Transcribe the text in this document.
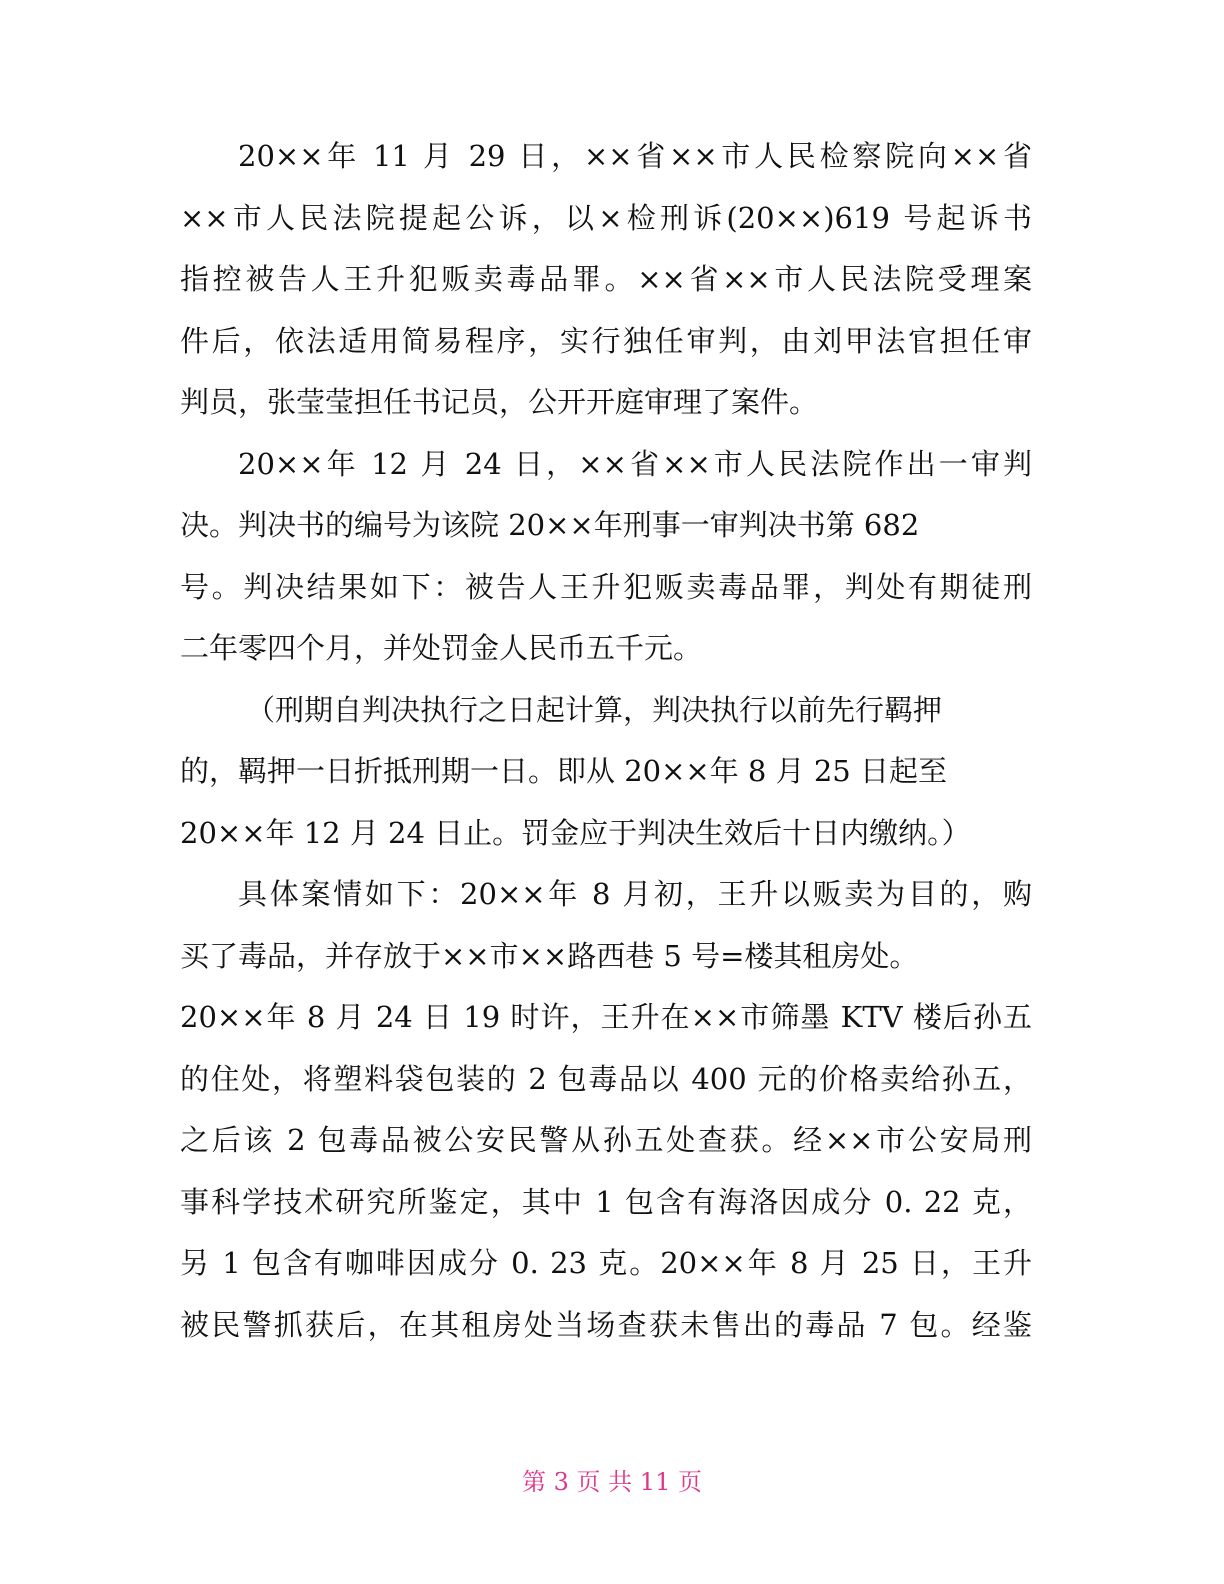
20××年 11 月 29 日，××省××市人民检察院向××省
××市人民法院提起公诉，以×检刑诉(20××)619 号起诉书
指控被告人王升犯贩卖毒品罪。××省××市人民法院受理案
件后，依法适用简易程序，实行独任审判，由刘甲法官担任审
判员，张莹莹担任书记员，公开开庭审理了案件。
20××年 12 月 24 日，××省××市人民法院作出一审判
决。判决书的编号为该院 20××年刑事一审判决书第 682
号。判决结果如下：被告人王升犯贩卖毒品罪，判处有期徒刑
二年零四个月，并处罚金人民币五千元。
（刑期自判决执行之日起计算，判决执行以前先行羁押
的，羁押一日折抵刑期一日。即从 20××年 8 月 25 日起至
20××年 12 月 24 日止。罚金应于判决生效后十日内缴纳。）
具体案情如下：20××年 8 月初，王升以贩卖为目的，购
买了毒品，并存放于××市××路西巷 5 号=楼其租房处。
20××年 8 月 24 日 19 时许，王升在××市筛墨 KTV 楼后孙五
的住处，将塑料袋包装的 2 包毒品以 400 元的价格卖给孙五，
之后该 2 包毒品被公安民警从孙五处查获。经××市公安局刑
事科学技术研究所鉴定，其中 1 包含有海洛因成分 0. 22 克，
另 1 包含有咖啡因成分 0. 23 克。20××年 8 月 25 日，王升
被民警抓获后，在其租房处当场查获未售出的毒品 7 包。经鉴
第 3 页 共 11 页
